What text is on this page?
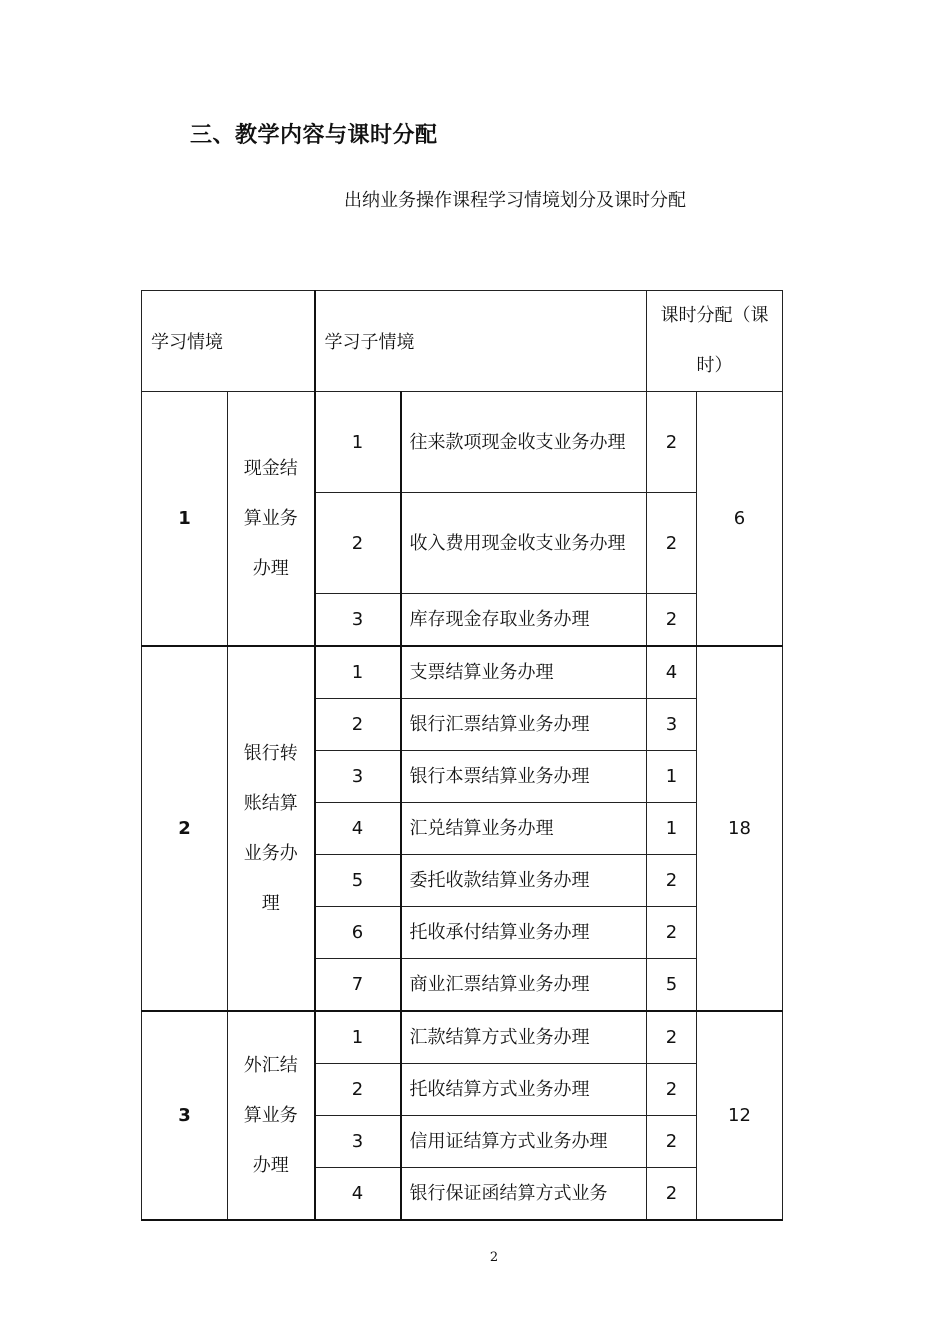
三、教学内容与课时分配
出纳业务操作课程学习情境划分及课时分配
学习情境		学习子情境		课时分配（课时）	

1	现金结算业务办理	1	往来款项现金收支业务办理	2	6
		2	收入费用现金收支业务办理	2	
		3	库存现金存取业务办理	2	
2	银行转账结算业务办理	1	支票结算业务办理	4	18
		2	银行汇票结算业务办理	3	
		3	银行本票结算业务办理	1	
		4	汇兑结算业务办理	1	
		5	委托收款结算业务办理	2	
		6	托收承付结算业务办理	2	
		7	商业汇票结算业务办理	5	
3	外汇结算业务办理	1	汇款结算方式业务办理	2	12
		2	托收结算方式业务办理	2	
		3	信用证结算方式业务办理	2	
		4	银行保证函结算方式业务	2	
2
